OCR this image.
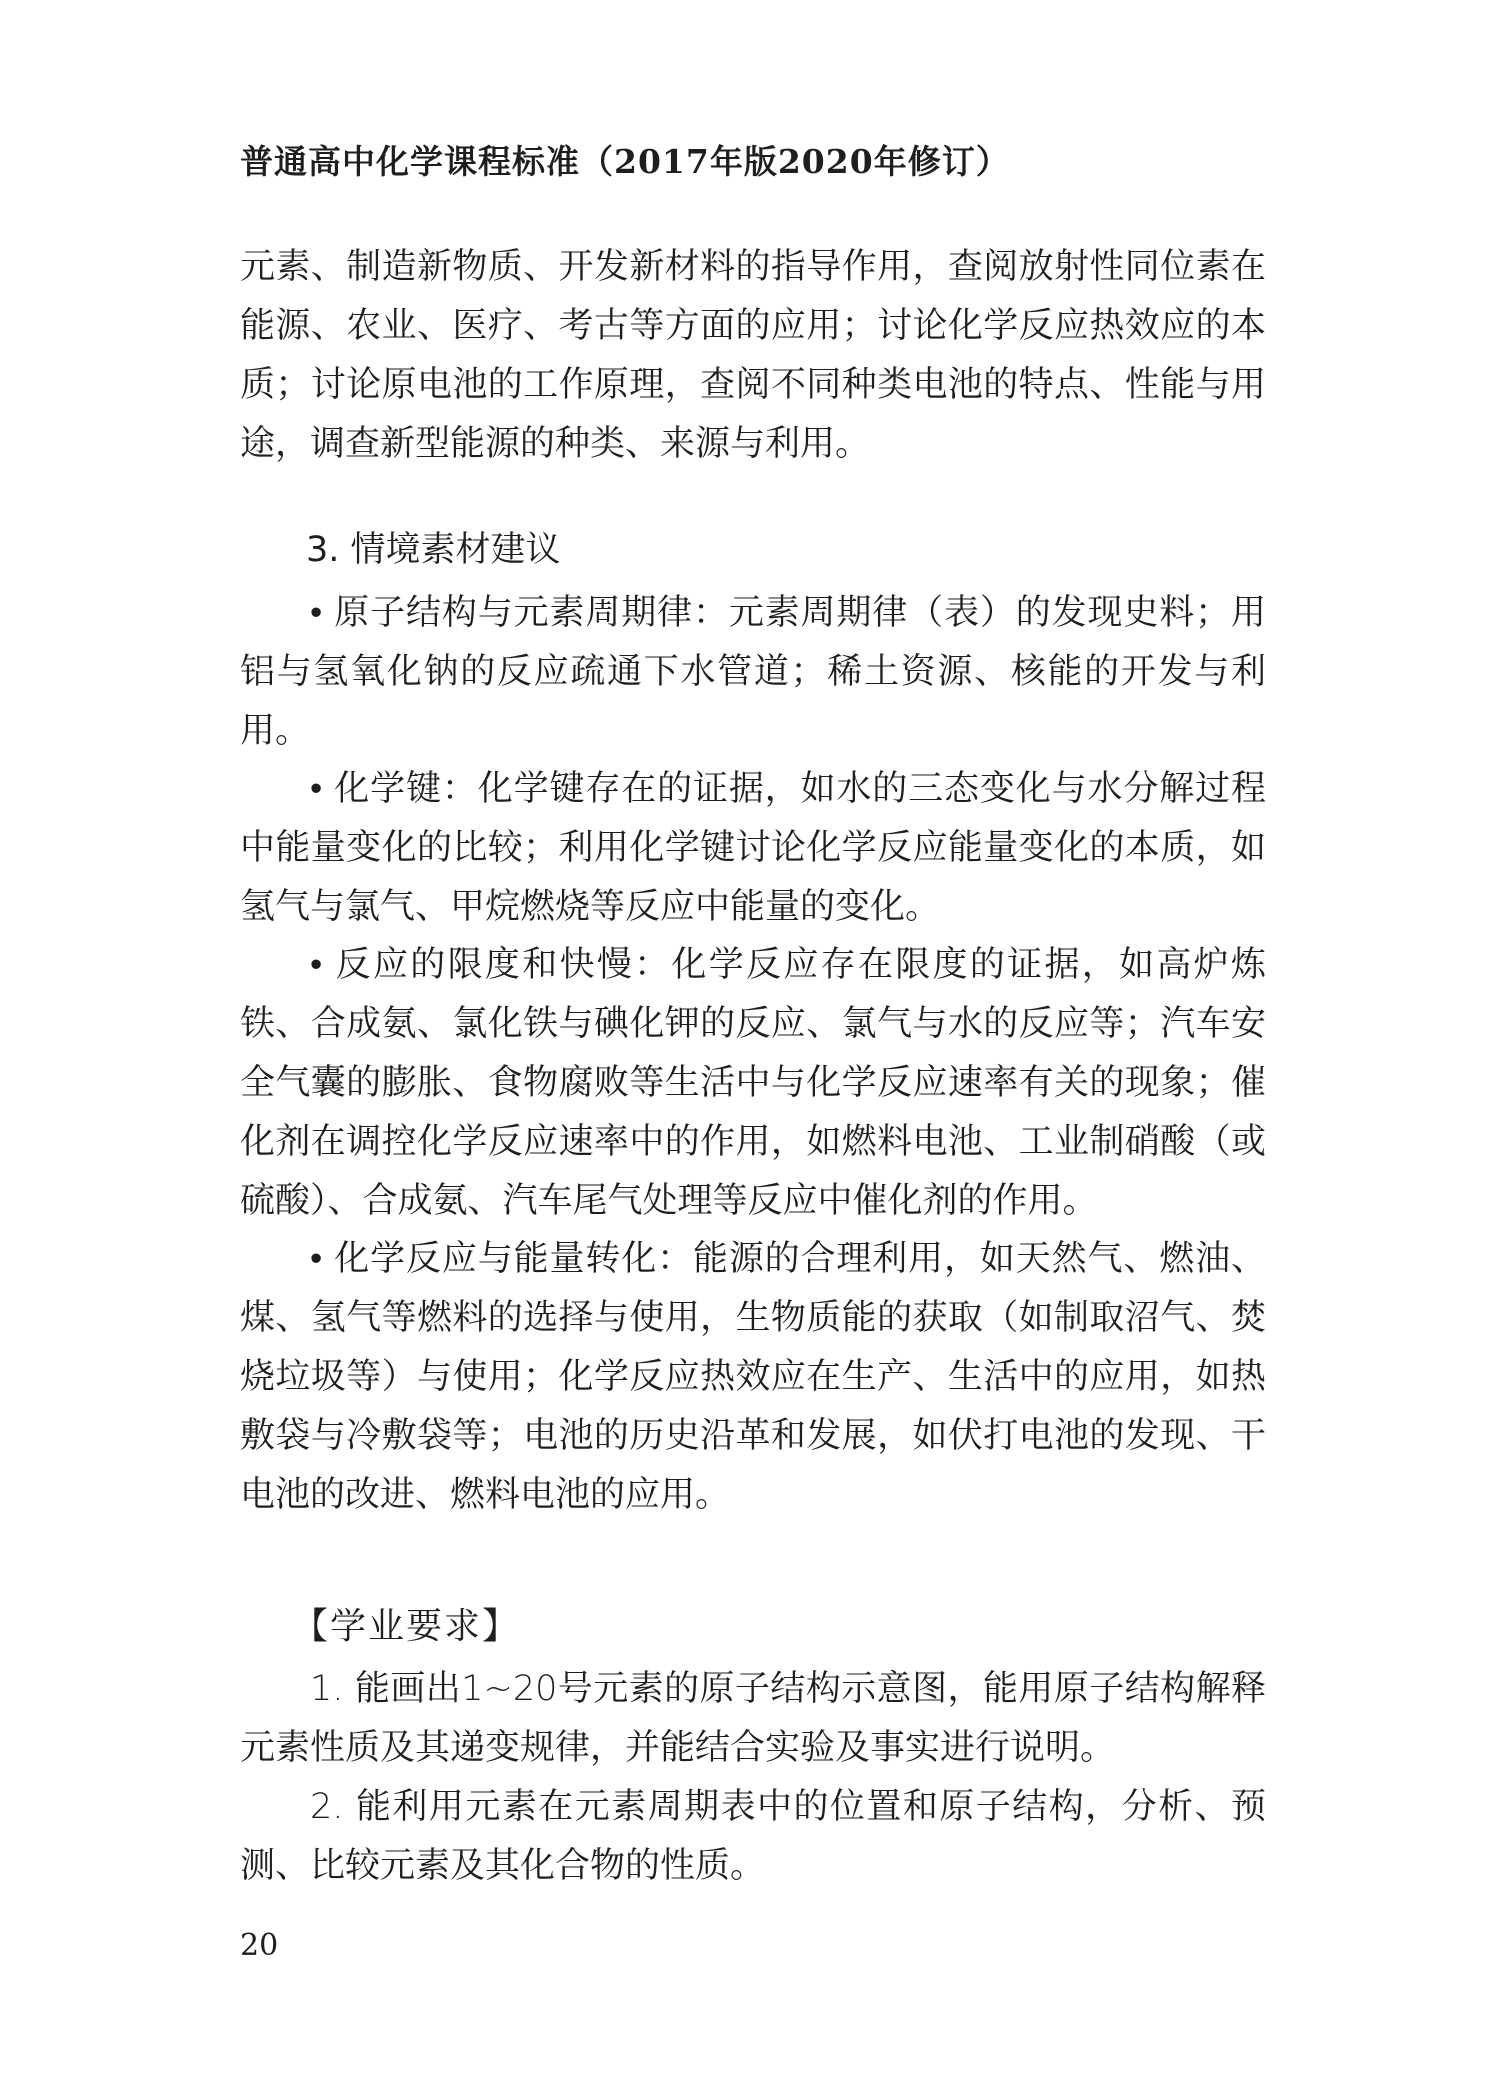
普通高中化学课程标准（2017年版2020年修订）
元素、制造新物质、开发新材料的指导作用，查阅放射性同位素在能源、农业、医疗、考古等方面的应用；讨论化学反应热效应的本质；讨论原电池的工作原理，查阅不同种类电池的特点、性能与用途，调查新型能源的种类、来源与利用。
3. 情境素材建议
• 原子结构与元素周期律：元素周期律（表）的发现史料；用铝与氢氧化钠的反应疏通下水管道；稀土资源、核能的开发与利用。
• 化学键：化学键存在的证据，如水的三态变化与水分解过程中能量变化的比较；利用化学键讨论化学反应能量变化的本质，如氢气与氯气、甲烷燃烧等反应中能量的变化。
• 反应的限度和快慢：化学反应存在限度的证据，如高炉炼铁、合成氨、氯化铁与碘化钾的反应、氯气与水的反应等；汽车安全气囊的膨胀、食物腐败等生活中与化学反应速率有关的现象；催化剂在调控化学反应速率中的作用，如燃料电池、工业制硝酸（或硫酸）、合成氨、汽车尾气处理等反应中催化剂的作用。
• 化学反应与能量转化：能源的合理利用，如天然气、燃油、煤、氢气等燃料的选择与使用，生物质能的获取（如制取沼气、焚烧垃圾等）与使用；化学反应热效应在生产、生活中的应用，如热敷袋与冷敷袋等；电池的历史沿革和发展，如伏打电池的发现、干电池的改进、燃料电池的应用。
【学业要求】
1. 能画出1~20号元素的原子结构示意图，能用原子结构解释元素性质及其递变规律，并能结合实验及事实进行说明。
2. 能利用元素在元素周期表中的位置和原子结构，分析、预测、比较元素及其化合物的性质。
20
